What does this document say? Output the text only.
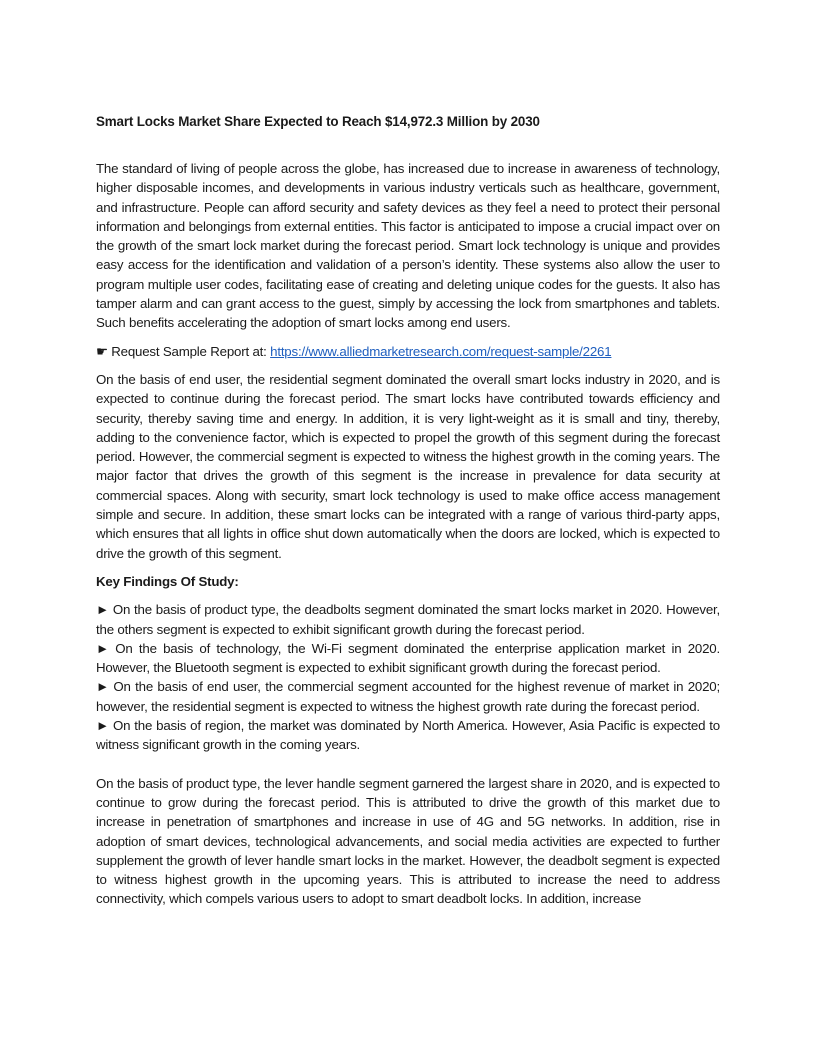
Smart Locks Market Share Expected to Reach $14,972.3 Million by 2030

The standard of living of people across the globe, has increased due to increase in awareness of technology, higher disposable incomes, and developments in various industry verticals such as healthcare, government, and infrastructure. People can afford security and safety devices as they feel a need to protect their personal information and belongings from external entities. This factor is anticipated to impose a crucial impact over on the growth of the smart lock market during the forecast period. Smart lock technology is unique and provides easy access for the identification and validation of a person’s identity. These systems also allow the user to program multiple user codes, facilitating ease of creating and deleting unique codes for the guests. It also has tamper alarm and can grant access to the guest, simply by accessing the lock from smartphones and tablets. Such benefits accelerating the adoption of smart locks among end users.

☛ Request Sample Report at: https://www.alliedmarketresearch.com/request-sample/2261

On the basis of end user, the residential segment dominated the overall smart locks industry in 2020, and is expected to continue during the forecast period. The smart locks have contributed towards efficiency and security, thereby saving time and energy. In addition, it is very light-weight as it is small and tiny, thereby, adding to the convenience factor, which is expected to propel the growth of this segment during the forecast period. However, the commercial segment is expected to witness the highest growth in the coming years. The major factor that drives the growth of this segment is the increase in prevalence for data security at commercial spaces. Along with security, smart lock technology is used to make office access management simple and secure. In addition, these smart locks can be integrated with a range of various third-party apps, which ensures that all lights in office shut down automatically when the doors are locked, which is expected to drive the growth of this segment.

Key Findings Of Study:

► On the basis of product type, the deadbolts segment dominated the smart locks market in 2020. However, the others segment is expected to exhibit significant growth during the forecast period.

► On the basis of technology, the Wi-Fi segment dominated the enterprise application market in 2020. However, the Bluetooth segment is expected to exhibit significant growth during the forecast period.

► On the basis of end user, the commercial segment accounted for the highest revenue of market in 2020; however, the residential segment is expected to witness the highest growth rate during the forecast period.

► On the basis of region, the market was dominated by North America. However, Asia Pacific is expected to witness significant growth in the coming years.

On the basis of product type, the lever handle segment garnered the largest share in 2020, and is expected to continue to grow during the forecast period. This is attributed to drive the growth of this market due to increase in penetration of smartphones and increase in use of 4G and 5G networks. In addition, rise in adoption of smart devices, technological advancements, and social media activities are expected to further supplement the growth of lever handle smart locks in the market. However, the deadbolt segment is expected to witness highest growth in the upcoming years. This is attributed to increase the need to address connectivity, which compels various users to adopt to smart deadbolt locks. In addition, increase
